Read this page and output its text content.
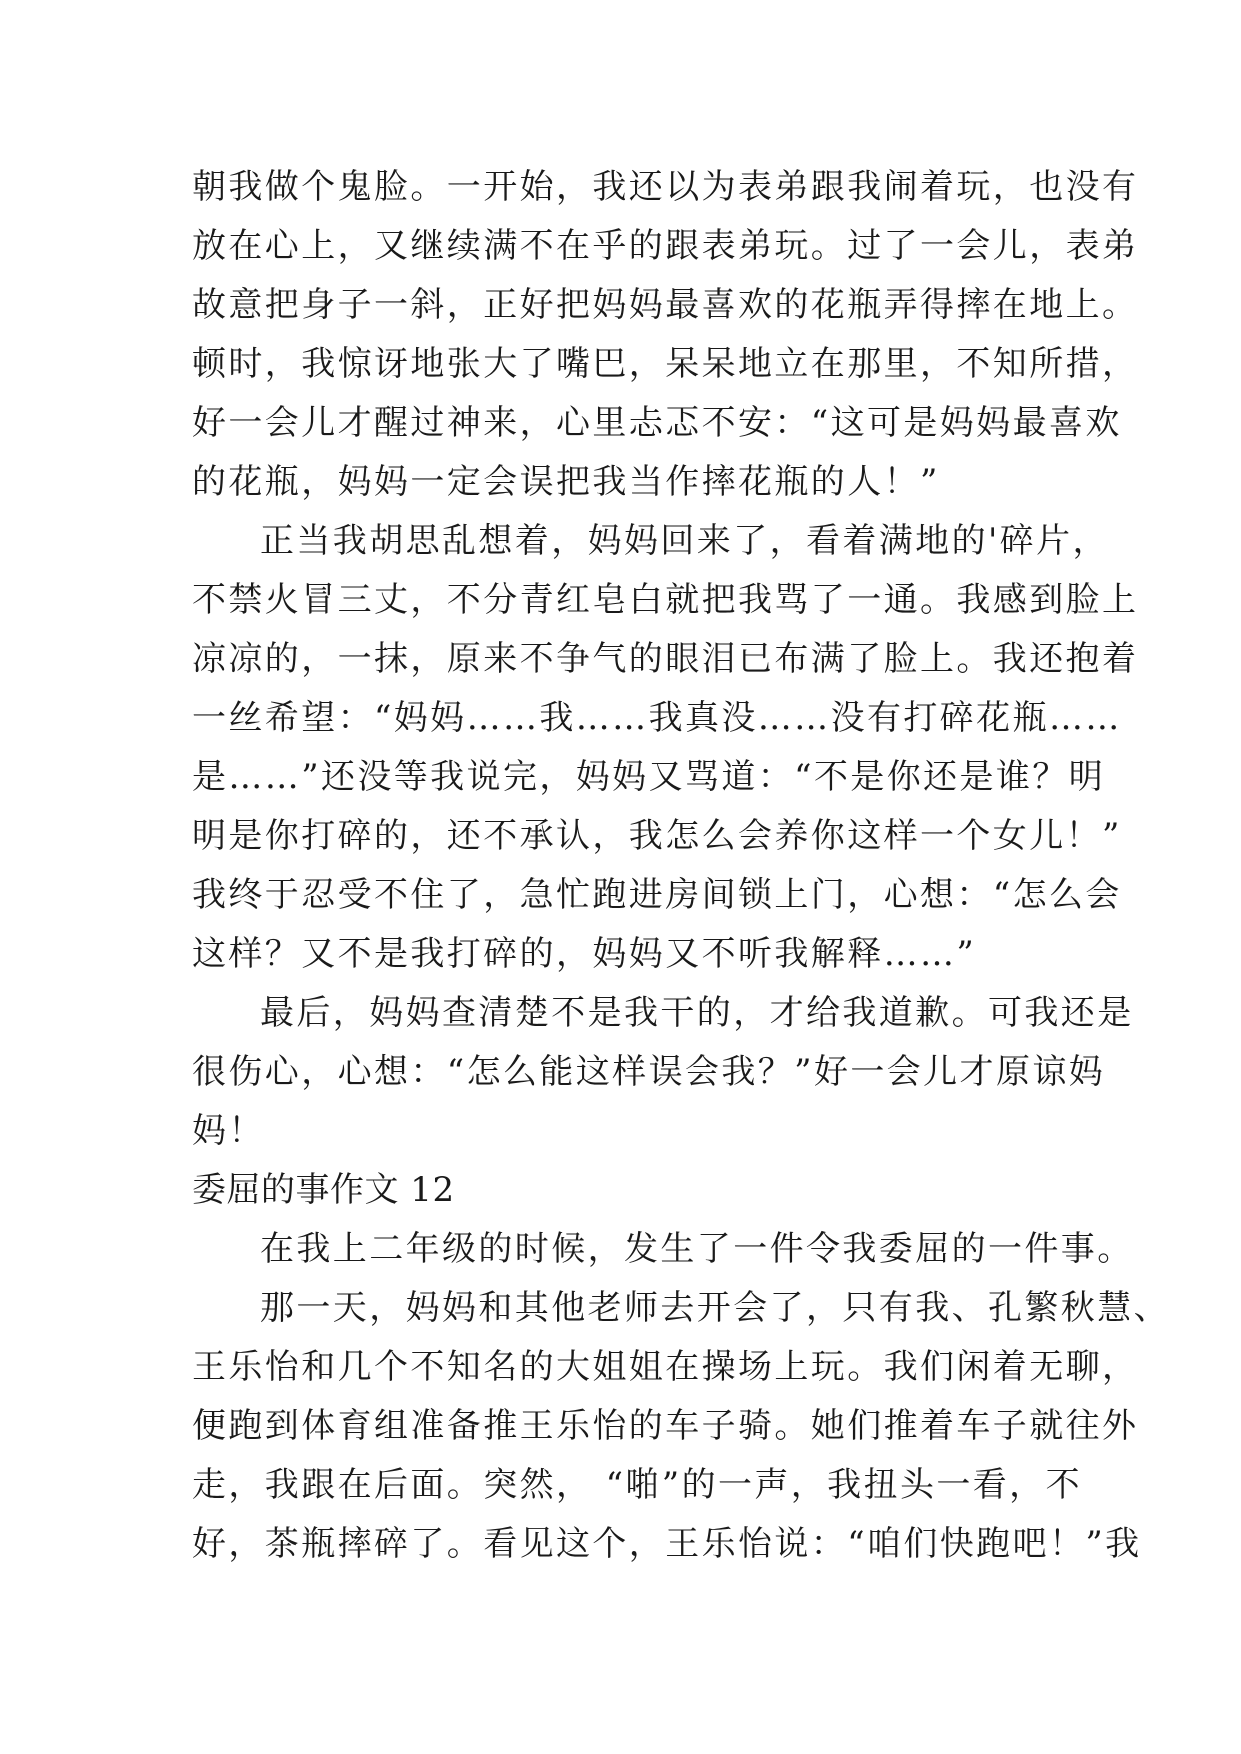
朝我做个鬼脸。一开始，我还以为表弟跟我闹着玩，也没有
放在心上，又继续满不在乎的跟表弟玩。过了一会儿，表弟
故意把身子一斜，正好把妈妈最喜欢的花瓶弄得摔在地上。
顿时，我惊讶地张大了嘴巴，呆呆地立在那里，不知所措，
好一会儿才醒过神来，心里忐忑不安：“这可是妈妈最喜欢
的花瓶，妈妈一定会误把我当作摔花瓶的人！”
正当我胡思乱想着，妈妈回来了，看着满地的'碎片，
不禁火冒三丈，不分青红皂白就把我骂了一通。我感到脸上
凉凉的，一抹，原来不争气的眼泪已布满了脸上。我还抱着
一丝希望：“妈妈……我……我真没……没有打碎花瓶……
是……”还没等我说完，妈妈又骂道：“不是你还是谁？明
明是你打碎的，还不承认，我怎么会养你这样一个女儿！”
我终于忍受不住了，急忙跑进房间锁上门，心想：“怎么会
这样？又不是我打碎的，妈妈又不听我解释……”
最后，妈妈查清楚不是我干的，才给我道歉。可我还是
很伤心，心想：“怎么能这样误会我？”好一会儿才原谅妈
妈！
委屈的事作文 12
在我上二年级的时候，发生了一件令我委屈的一件事。
那一天，妈妈和其他老师去开会了，只有我、孔繁秋慧、
王乐怡和几个不知名的大姐姐在操场上玩。我们闲着无聊，
便跑到体育组准备推王乐怡的车子骑。她们推着车子就往外
走，我跟在后面。突然， “啪”的一声，我扭头一看，不
好，茶瓶摔碎了。看见这个，王乐怡说：“咱们快跑吧！”我
